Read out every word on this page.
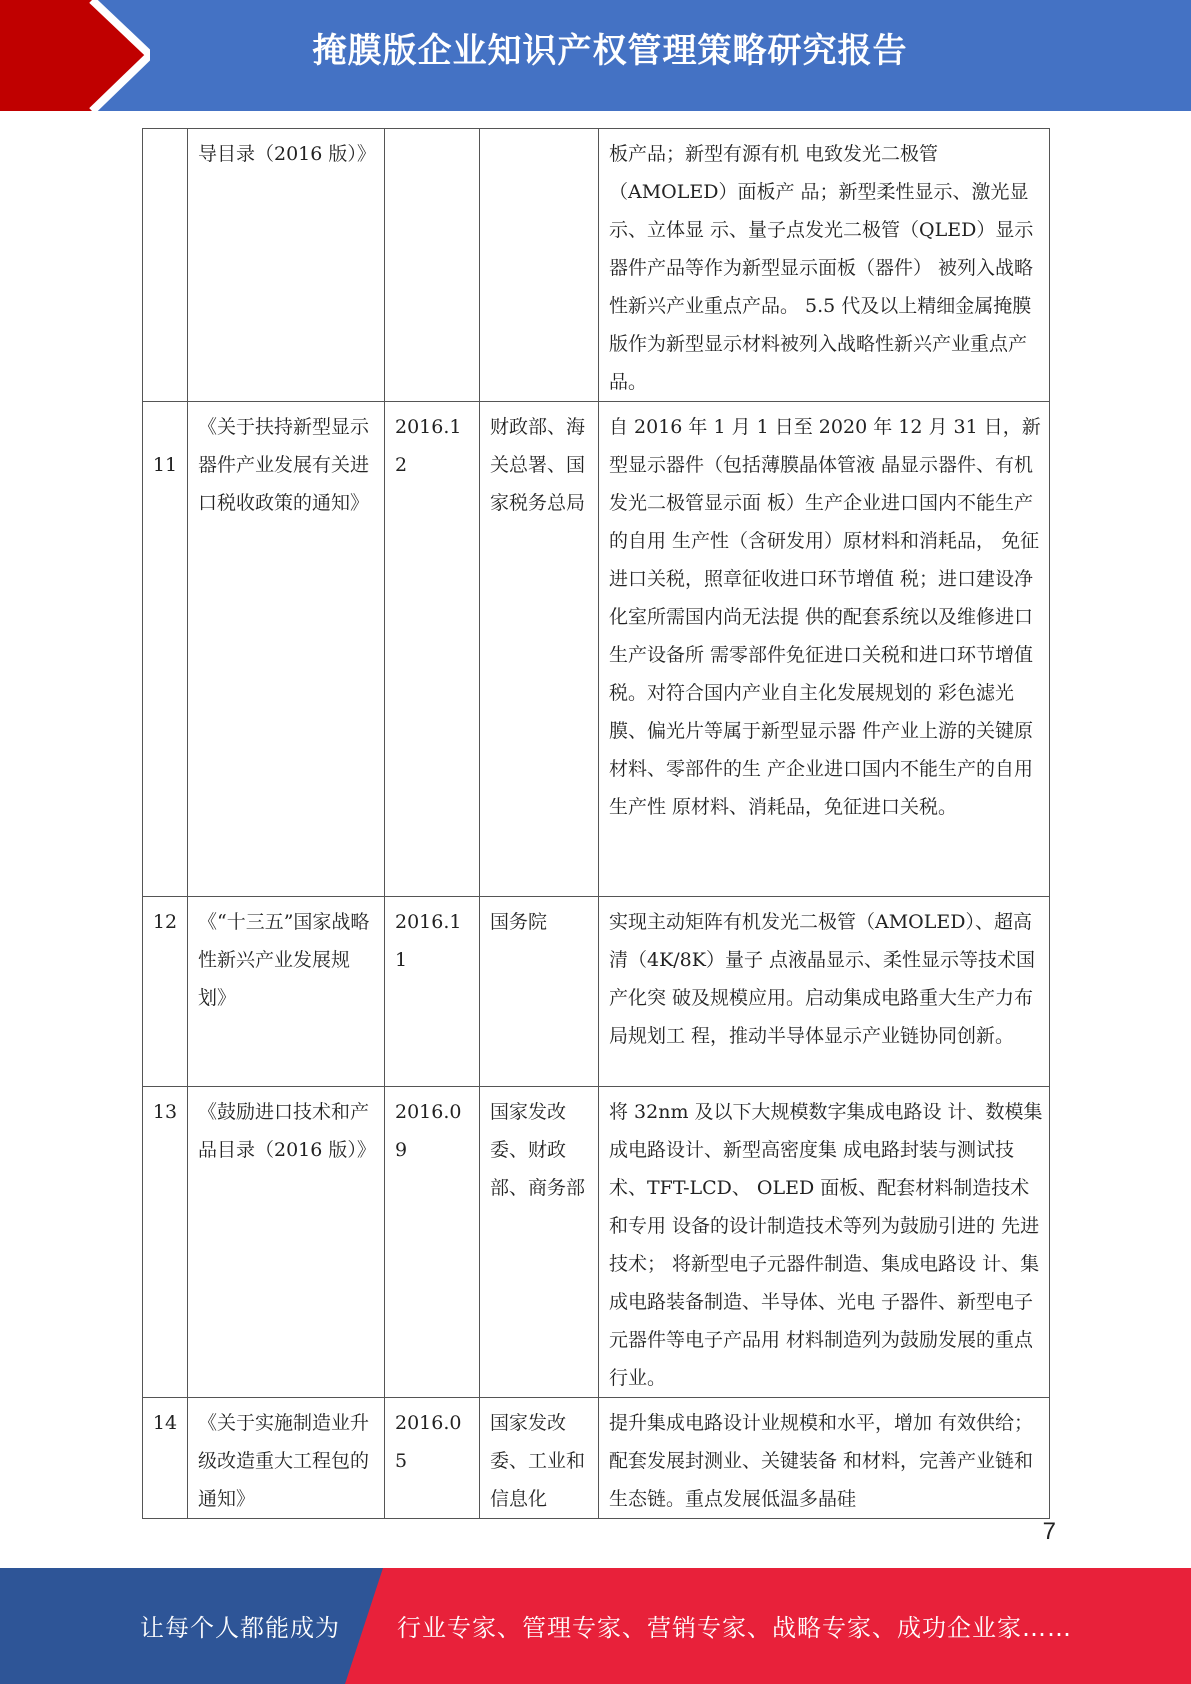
掩膜版企业知识产权管理策略研究报告
	导目录（2016 版）》			板产品；新型有源有机 电致发光二极管（AMOLED）面板产 品；新型柔性显示、激光显示、立体显 示、量子点发光二极管（QLED）显示 器件产品等作为新型显示面板（器件） 被列入战略性新兴产业重点产品。 5.5 代及以上精细金属掩膜版作为新型显示材料被列入战略性新兴产业重点产品。

11	《关于扶持新型显示器件产业发展有关进口税收政策的通知》	2016.12	财政部、海关总署、国家税务总局	自 2016 年 1 月 1 日至 2020 年 12 月 31 日，新型显示器件（包括薄膜晶体管液 晶显示器件、有机发光二极管显示面 板）生产企业进口国内不能生产的自用 生产性（含研发用）原材料和消耗品， 免征进口关税，照章征收进口环节增值 税；进口建设净化室所需国内尚无法提 供的配套系统以及维修进口生产设备所 需零部件免征进口关税和进口环节增值税。对符合国内产业自主化发展规划的 彩色滤光膜、偏光片等属于新型显示器 件产业上游的关键原材料、零部件的生 产企业进口国内不能生产的自用生产性 原材料、消耗品，免征进口关税。
12	《“十三五”国家战略性新兴产业发展规划》	2016.11	国务院	实现主动矩阵有机发光二极管（AMOLED）、超高清（4K/8K）量子 点液晶显示、柔性显示等技术国产化突 破及规模应用。启动集成电路重大生产力布局规划工 程，推动半导体显示产业链协同创新。
13	《鼓励进口技术和产品目录（2016 版）》	2016.09	国家发改委、财政部、商务部	将 32nm 及以下大规模数字集成电路设 计、数模集成电路设计、新型高密度集 成电路封装与测试技术、TFT-LCD、 OLED 面板、配套材料制造技术和专用 设备的设计制造技术等列为鼓励引进的 先进技术； 将新型电子元器件制造、集成电路设 计、集成电路装备制造、半导体、光电 子器件、新型电子元器件等电子产品用 材料制造列为鼓励发展的重点行业。
14	《关于实施制造业升级改造重大工程包的通知》	2016.05	国家发改委、工业和信息化	提升集成电路设计业规模和水平，增加 有效供给；配套发展封测业、关键装备 和材料，完善产业链和生态链。重点发展低温多晶硅
7
让每个人都能成为 行业专家、管理专家、营销专家、战略专家、成功企业家……
